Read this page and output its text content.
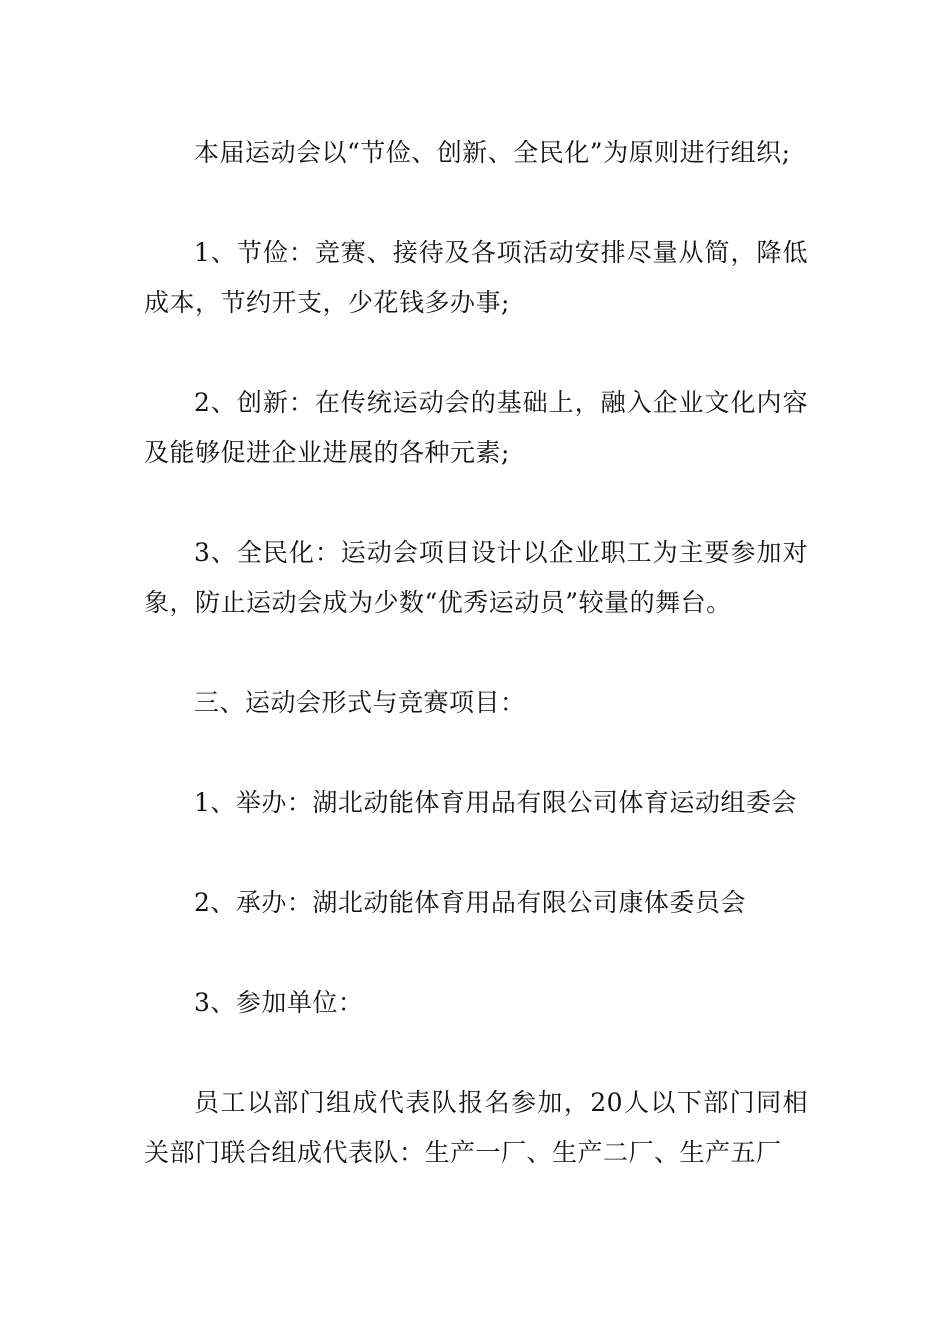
本届运动会以“节俭、创新、全民化”为原则进行组织;

1、节俭：竞赛、接待及各项活动安排尽量从简，降低成本，节约开支，少花钱多办事;

2、创新：在传统运动会的基础上，融入企业文化内容及能够促进企业进展的各种元素;

3、全民化：运动会项目设计以企业职工为主要参加对象，防止运动会成为少数“优秀运动员”较量的舞台。

三、运动会形式与竞赛项目：

1、举办：湖北动能体育用品有限公司体育运动组委会

2、承办：湖北动能体育用品有限公司康体委员会

3、参加单位：

员工以部门组成代表队报名参加，20人以下部门同相关部门联合组成代表队：生产一厂、生产二厂、生产五厂
